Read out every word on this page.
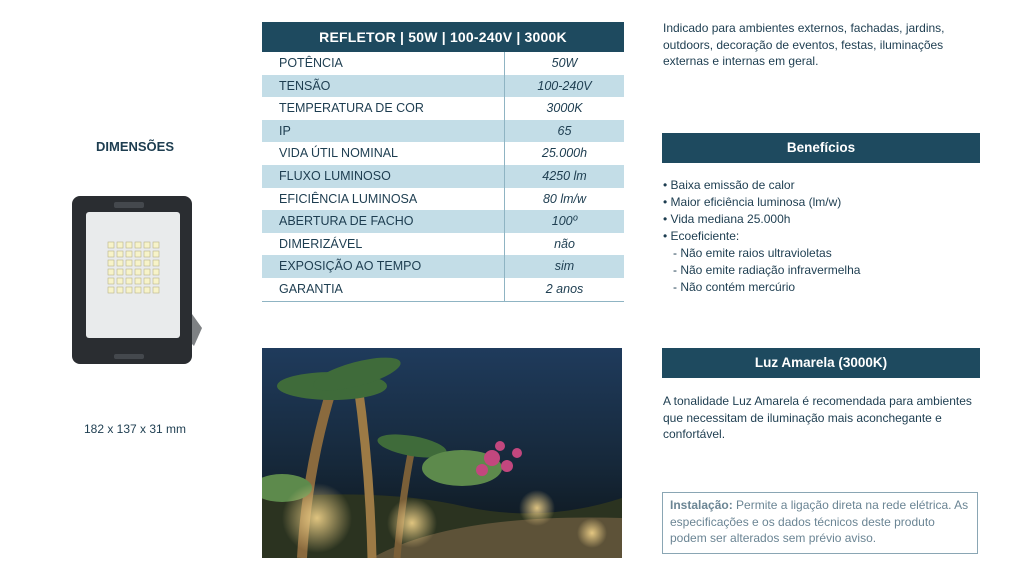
DIMENSÕES
182 x 137 x 31 mm
REFLETOR | 50W | 100-240V | 3000K
POTÊNCIA	50W
TENSÃO	100-240V
TEMPERATURA DE COR	3000K
IP	65
VIDA ÚTIL NOMINAL	25.000h
FLUXO LUMINOSO	4250 lm
EFICIÊNCIA LUMINOSA	80 lm/w
ABERTURA DE FACHO	100º
DIMERIZÁVEL	não
EXPOSIÇÃO AO TEMPO	sim
GARANTIA	2 anos
Indicado para ambientes externos, fachadas, jardins, outdoors, decoração de eventos, festas, iluminações externas e internas em geral.
Benefícios
• Baixa emissão de calor
• Maior eficiência luminosa (lm/w)
• Vida mediana 25.000h
• Ecoeficiente:
- Não emite raios ultravioletas
- Não emite radiação infravermelha
- Não contém mercúrio
Luz Amarela (3000K)
A tonalidade Luz Amarela é recomendada para ambientes que necessitam de iluminação mais aconchegante e confortável.
Instalação: Permite a ligação direta na rede elétrica. As especificações e os dados técnicos deste produto podem ser alterados sem prévio aviso.
